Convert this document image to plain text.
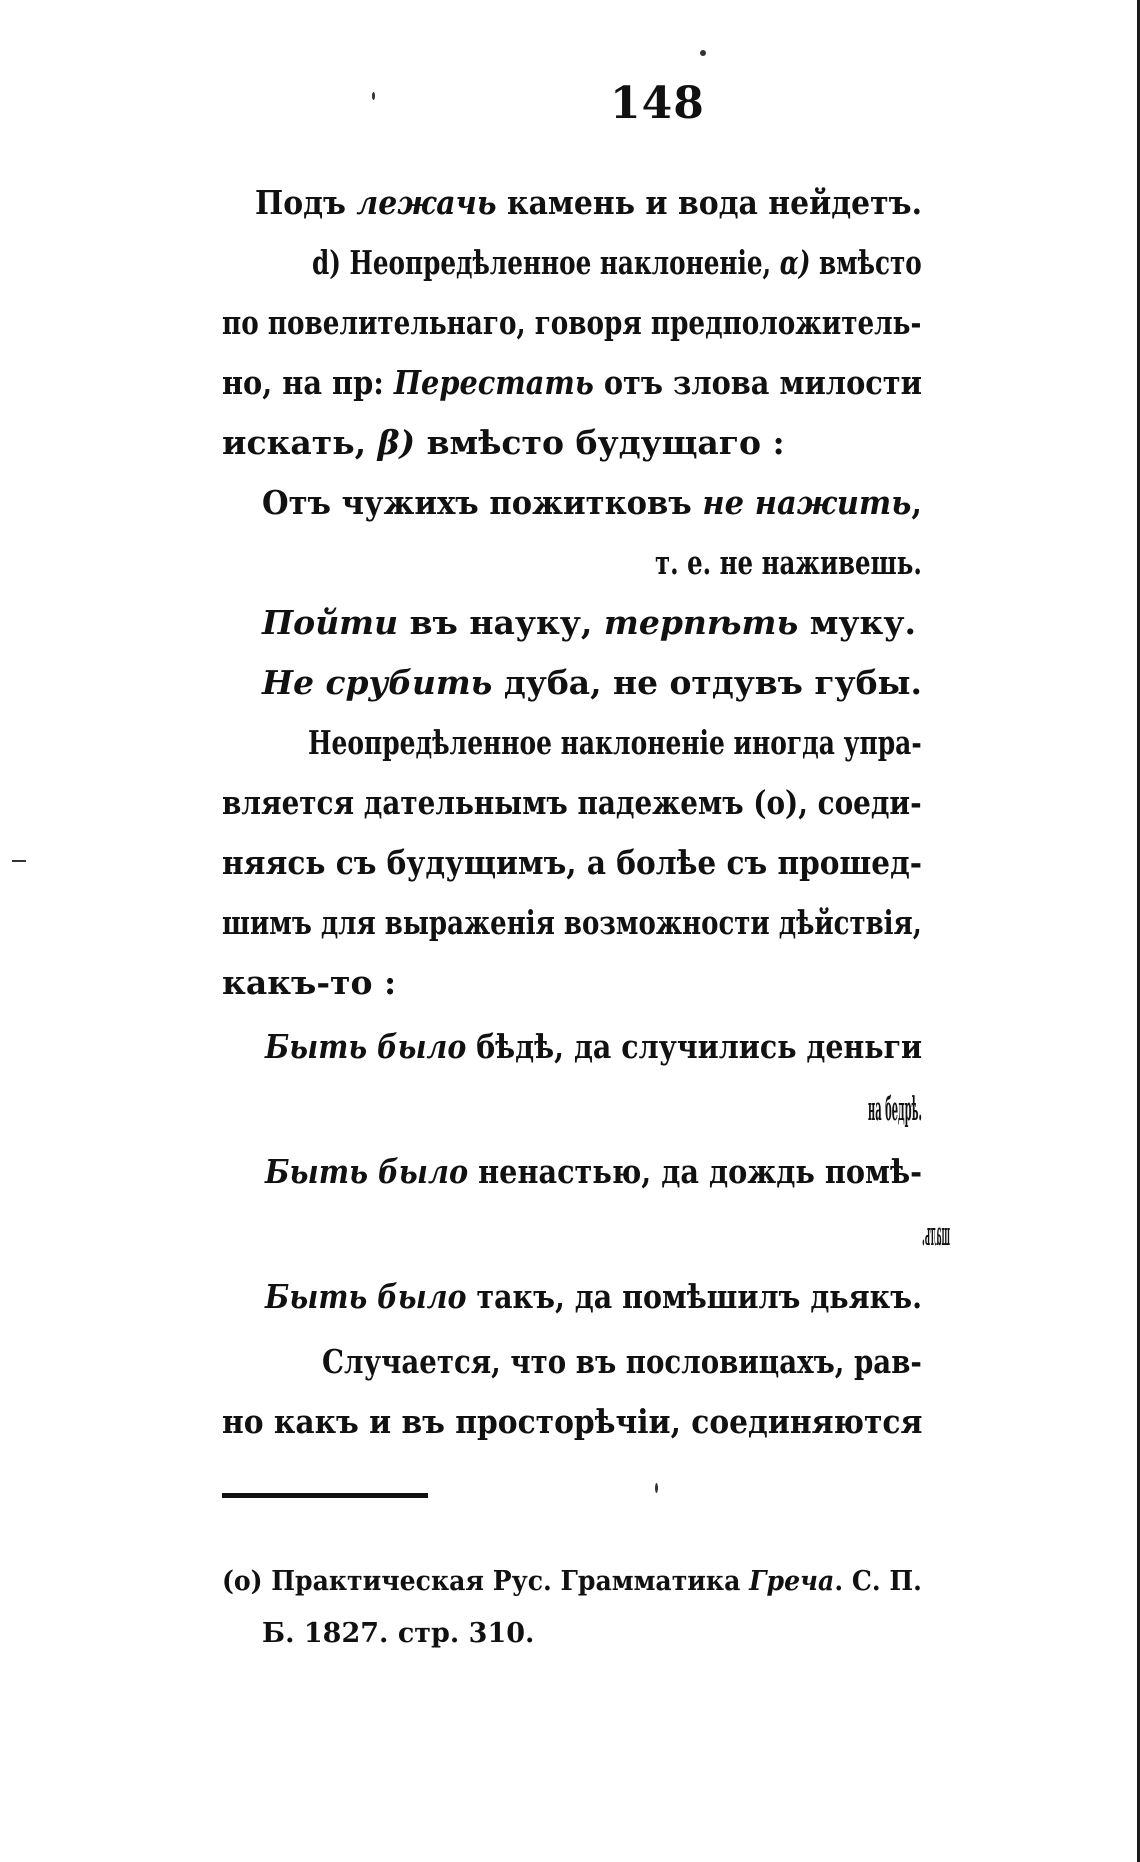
148
Подъ лежачь камень и вода нейдетъ.
d) Неопредѣленное наклоненіе, α) вмѣсто
по повелительнаго, говоря предположитель-
но, на пр: Перестать отъ злова милости
искать, β) вмѣсто будущаго :
Отъ чужихъ пожитковъ не нажить,
т. е. не наживешь.
Пойти въ науку, терпѣть муку.
Не срубить дуба, не отдувъ губы.
Неопредѣленное наклоненіе иногда упра-
вляется дательнымъ падежемъ (о), соеди-
няясь съ будущимъ, а болѣе съ прошед-
шимъ для выраженія возможности дѣйствія,
какъ-то :
Быть было бѣдѣ, да случились деньги
на бедрѣ.
Быть было ненастью, да дождь помѣ-
шалъ.
Быть было такъ, да помѣшилъ дьякъ.
Случается, что въ пословицахъ, рав-
но какъ и въ просторѣчіи, соединяются
(о) Практическая Рус. Грамматика Греча. С. П.
Б. 1827. стр. 310.
